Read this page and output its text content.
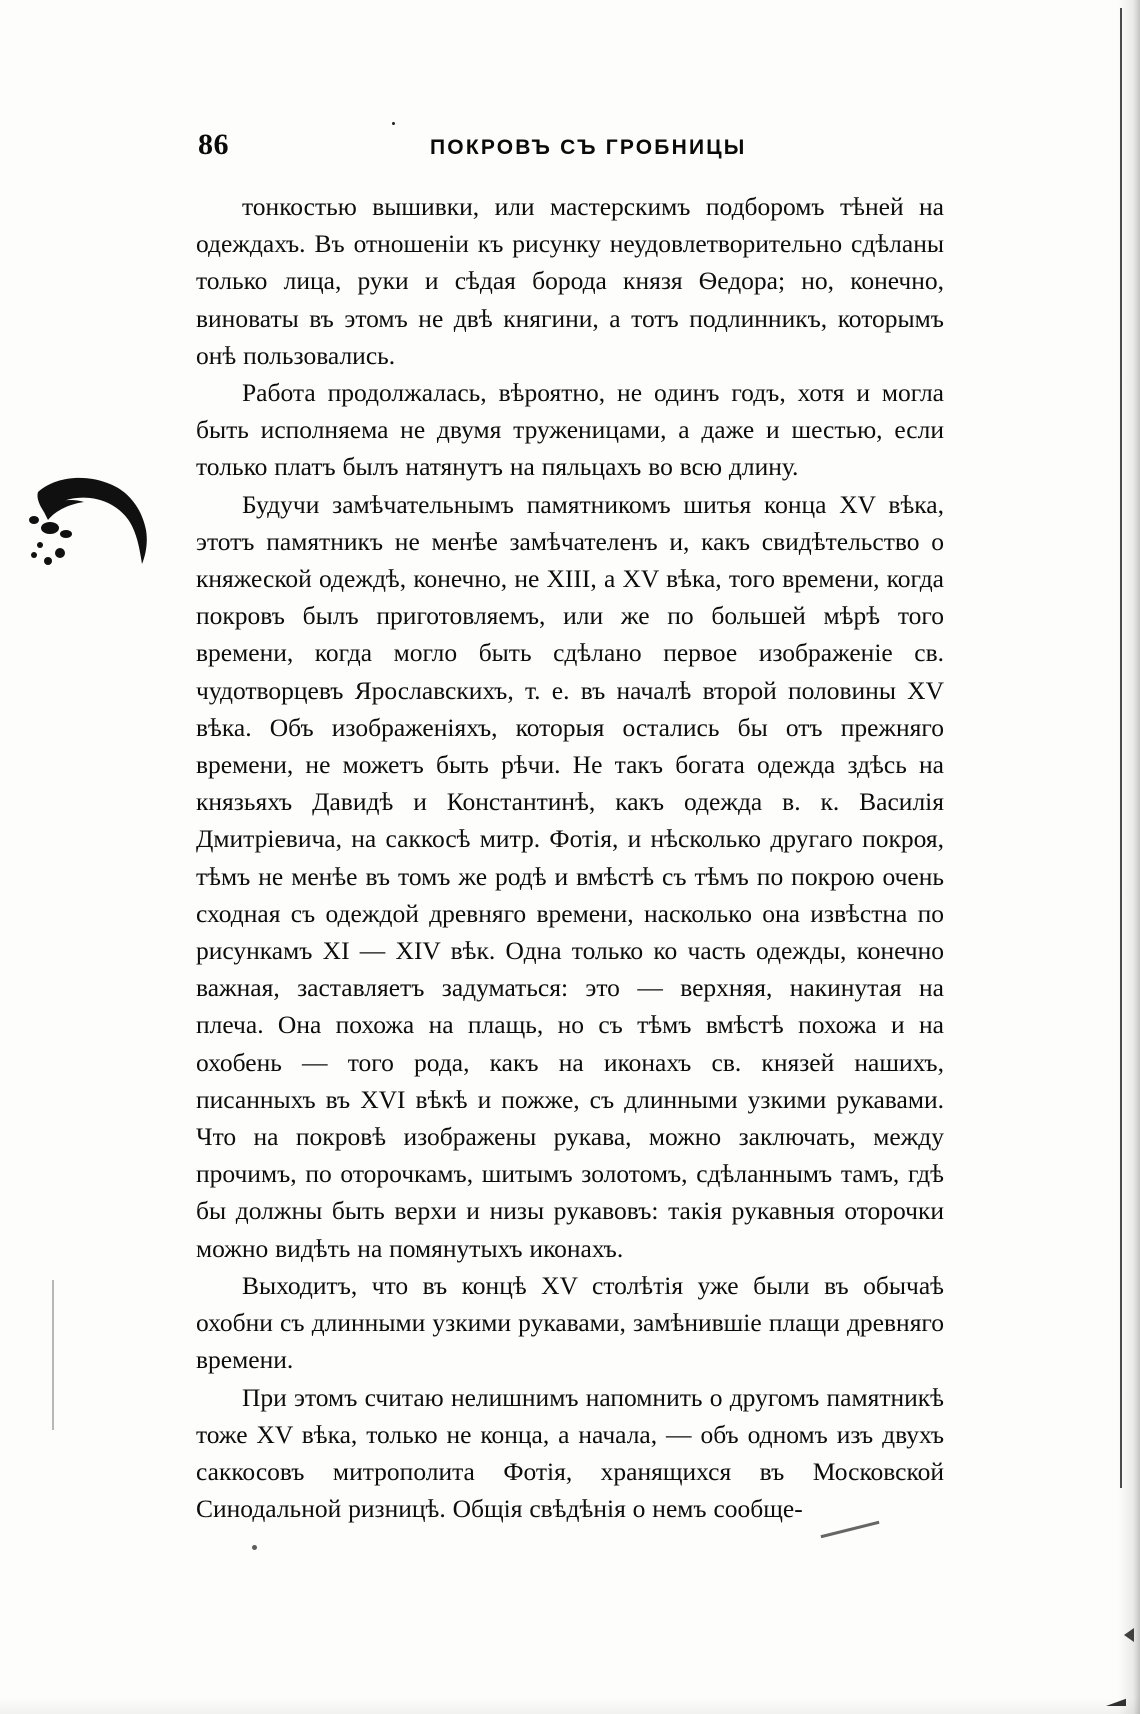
86	ПОКРОВЪ СЪ ГРОБНИЦЫ

тонкостью вышивки, или мастерскимъ подборомъ тѣней на одеждахъ. Въ отношенiи къ рисунку неудовлетворительно сдѣланы только лица, руки и сѣдая борода князя Ѳедора; но, конечно, виноваты въ этомъ не двѣ княгини, а тотъ подлинникъ, которымъ онѣ пользовались.

Работа продолжалась, вѣроятно, не одинъ годъ, хотя и могла быть исполняема не двумя труженицами, а даже и шестью, если только платъ былъ натянутъ на пяльцахъ во всю длину.

Будучи замѣчательнымъ памятникомъ шитья конца XV вѣка, этотъ памятникъ не менѣе замѣчателенъ и, какъ свидѣтельство о княжеской одеждѣ, конечно, не XIII, а XV вѣка, того времени, когда покровъ былъ приготовляемъ, или же по большей мѣрѣ того времени, когда могло быть сдѣлано первое изображенiе св. чудотворцевъ Ярославскихъ, т. е. въ началѣ второй половины XV вѣка. Объ изображенiяхъ, которыя остались бы отъ прежняго времени, не можетъ быть рѣчи. Не такъ богата одежда здѣсь на князьяхъ Давидѣ и Константинѣ, какъ одежда в. к. Василiя Дмитрiевича, на саккосѣ митр. Фотiя, и нѣсколько другаго покроя, тѣмъ не менѣе въ томъ же родѣ и вмѣстѣ съ тѣмъ по покрою очень сходная съ одеждой древняго времени, насколько она извѣстна по рисункамъ XI — XIV вѣк. Одна только ко часть одежды, конечно важная, заставляетъ задуматься: это — верхняя, накинутая на плеча. Она похожа на плащь, но съ тѣмъ вмѣстѣ похожа и на охобень — того рода, какъ на иконахъ св. князей нашихъ, писанныхъ въ XVI вѣкѣ и пожже, съ длинными узкими рукавами. Что на покровѣ изображены рукава, можно заключать, между прочимъ, по оторочкамъ, шитымъ золотомъ, сдѣланнымъ тамъ, гдѣ бы должны быть верхи и низы рукавовъ: такiя рукавныя оторочки можно видѣть на помянутыхъ иконахъ.

Выходитъ, что въ концѣ XV столѣтiя уже были въ обычаѣ охобни съ длинными узкими рукавами, замѣнившiе плащи древняго времени.

При этомъ считаю нелишнимъ напомнить о другомъ памятникѣ тоже XV вѣка, только не конца, а начала, — объ одномъ изъ двухъ саккосовъ митрополита Фотiя, хранящихся въ Московской Синодальной ризницѣ. Общiя свѣдѣнiя о немъ сообще-
